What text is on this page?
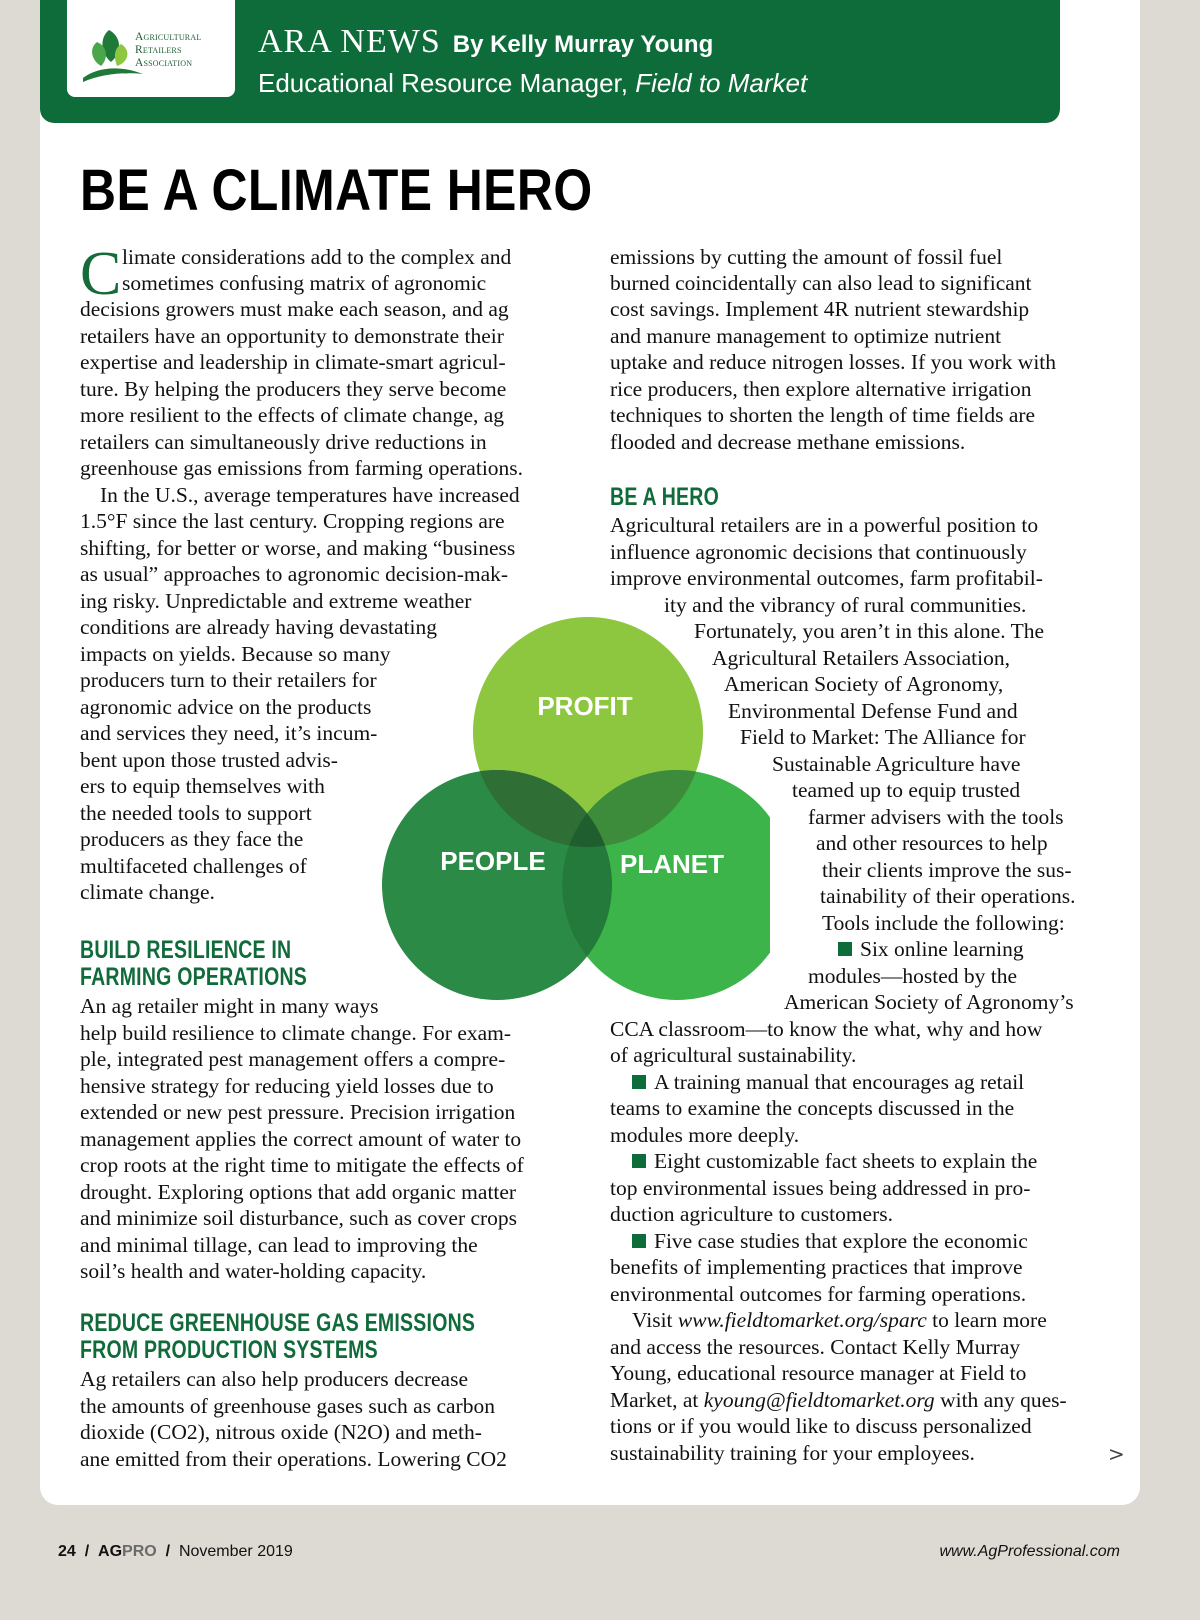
Agricultural
Retailers
Association
ARA NEWS By Kelly Murray Young
Educational Resource Manager, Field to Market
BE A CLIMATE HERO
C limate considerations add to the complex and
sometimes confusing matrix of agronomic
decisions growers must make each season, and ag
retailers have an opportunity to demonstrate their
expertise and leadership in climate-smart agricul-
ture. By helping the producers they serve become
more resilient to the effects of climate change, ag
retailers can simultaneously drive reductions in
greenhouse gas emissions from farming operations.
In the U.S., average temperatures have increased
1.5°F since the last century. Cropping regions are
shifting, for better or worse, and making “business
as usual” approaches to agronomic decision-mak-
ing risky. Unpredictable and extreme weather
conditions are already having devastating
impacts on yields. Because so many
producers turn to their retailers for
agronomic advice on the products
and services they need, it’s incum-
bent upon those trusted advis-
ers to equip themselves with
the needed tools to support
producers as they face the
multifaceted challenges of
climate change.
BUILD RESILIENCE IN
FARMING OPERATIONS
An ag retailer might in many ways
help build resilience to climate change. For exam-
ple, integrated pest management offers a compre-
hensive strategy for reducing yield losses due to
extended or new pest pressure. Precision irrigation
management applies the correct amount of water to
crop roots at the right time to mitigate the effects of
drought. Exploring options that add organic matter
and minimize soil disturbance, such as cover crops
and minimal tillage, can lead to improving the
soil’s health and water-holding capacity.
REDUCE GREENHOUSE GAS EMISSIONS
FROM PRODUCTION SYSTEMS
Ag retailers can also help producers decrease
the amounts of greenhouse gases such as carbon
dioxide (CO2), nitrous oxide (N2O) and meth-
ane emitted from their operations. Lowering CO2
emissions by cutting the amount of fossil fuel
burned coincidentally can also lead to significant
cost savings. Implement 4R nutrient stewardship
and manure management to optimize nutrient
uptake and reduce nitrogen losses. If you work with
rice producers, then explore alternative irrigation
techniques to shorten the length of time fields are
flooded and decrease methane emissions.
BE A HERO
Agricultural retailers are in a powerful position to
influence agronomic decisions that continuously
improve environmental outcomes, farm profitabil-
ity and the vibrancy of rural communities.
Fortunately, you aren’t in this alone. The
Agricultural Retailers Association,
American Society of Agronomy,
Environmental Defense Fund and
Field to Market: The Alliance for
Sustainable Agriculture have
teamed up to equip trusted
farmer advisers with the tools
and other resources to help
their clients improve the sus-
tainability of their operations.
Tools include the following:
Six online learning
modules—hosted by the
American Society of Agronomy’s
CCA classroom—to know the what, why and how
of agricultural sustainability.
A training manual that encourages ag retail
teams to examine the concepts discussed in the
modules more deeply.
Eight customizable fact sheets to explain the
top environmental issues being addressed in pro-
duction agriculture to customers.
Five case studies that explore the economic
benefits of implementing practices that improve
environmental outcomes for farming operations.
Visit www.fieldtomarket.org/sparc to learn more
and access the resources. Contact Kelly Murray
Young, educational resource manager at Field to
Market, at kyoung@fieldtomarket.org with any ques-
tions or if you would like to discuss personalized
sustainability training for your employees.
PROFIT
PEOPLE	PLANET
>
24 / AGPRO / November 2019	www.AgProfessional.com
